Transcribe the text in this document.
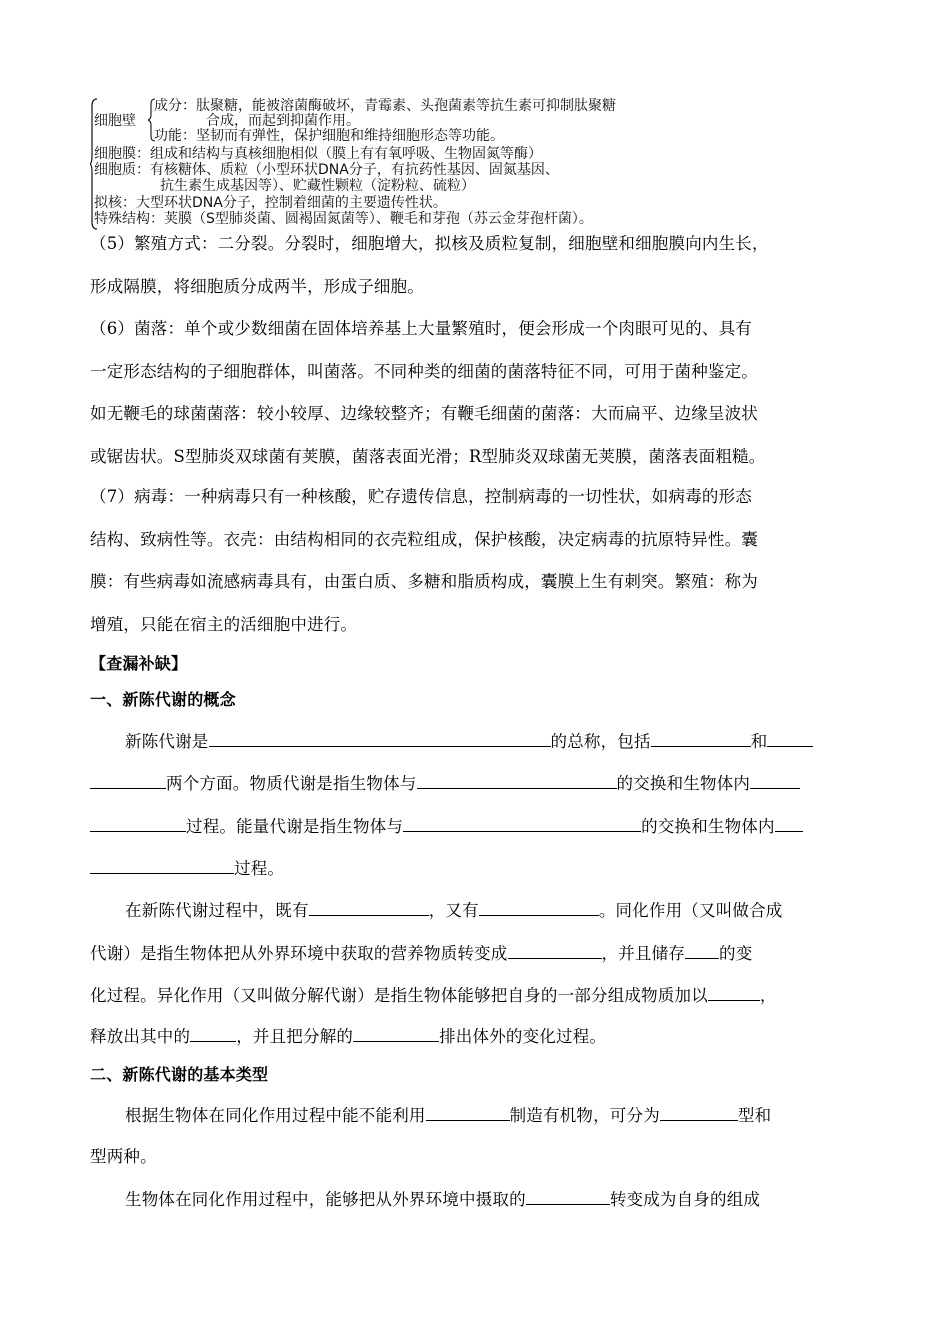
细胞壁
成分：肽聚糖，能被溶菌酶破坏，青霉素、头孢菌素等抗生素可抑制肽聚糖
合成，而起到抑菌作用。
功能：坚韧而有弹性，保护细胞和维持细胞形态等功能。
细胞膜：组成和结构与真核细胞相似（膜上有有氧呼吸、生物固氮等酶）
细胞质：有核糖体、质粒（小型环状DNA分子，有抗药性基因、固氮基因、
抗生素生成基因等）、贮藏性颗粒（淀粉粒、硫粒）
拟核：大型环状DNA分子，控制着细菌的主要遗传性状。
特殊结构：荚膜（S型肺炎菌、圆褐固氮菌等）、鞭毛和芽孢（苏云金芽孢杆菌）。
（5）繁殖方式：二分裂。分裂时，细胞增大，拟核及质粒复制，细胞壁和细胞膜向内生长，
形成隔膜，将细胞质分成两半，形成子细胞。
（6）菌落：单个或少数细菌在固体培养基上大量繁殖时，便会形成一个肉眼可见的、具有
一定形态结构的子细胞群体，叫菌落。不同种类的细菌的菌落特征不同，可用于菌种鉴定。
如无鞭毛的球菌菌落：较小较厚、边缘较整齐；有鞭毛细菌的菌落：大而扁平、边缘呈波状
或锯齿状。S型肺炎双球菌有荚膜，菌落表面光滑；R型肺炎双球菌无荚膜，菌落表面粗糙。
（7）病毒：一种病毒只有一种核酸，贮存遗传信息，控制病毒的一切性状，如病毒的形态
结构、致病性等。衣壳：由结构相同的衣壳粒组成，保护核酸，决定病毒的抗原特异性。囊
膜：有些病毒如流感病毒具有，由蛋白质、多糖和脂质构成，囊膜上生有刺突。繁殖：称为
增殖，只能在宿主的活细胞中进行。
【查漏补缺】
一、新陈代谢的概念
新陈代谢是	的总称，包括	和
两个方面。物质代谢是指生物体与	的交换和生物体内
过程。能量代谢是指生物体与	的交换和生物体内
过程。
在新陈代谢过程中，既有	，又有	。同化作用（又叫做合成
代谢）是指生物体把从外界环境中获取的营养物质转变成	，并且储存 的变
化过程。异化作用（又叫做分解代谢）是指生物体能够把自身的一部分组成物质加以	，
释放出其中的	，并且把分解的	排出体外的变化过程。
二、新陈代谢的基本类型
根据生物体在同化作用过程中能不能利用	制造有机物，可分为	型和
型两种。
生物体在同化作用过程中，能够把从外界环境中摄取的	转变成为自身的组成
